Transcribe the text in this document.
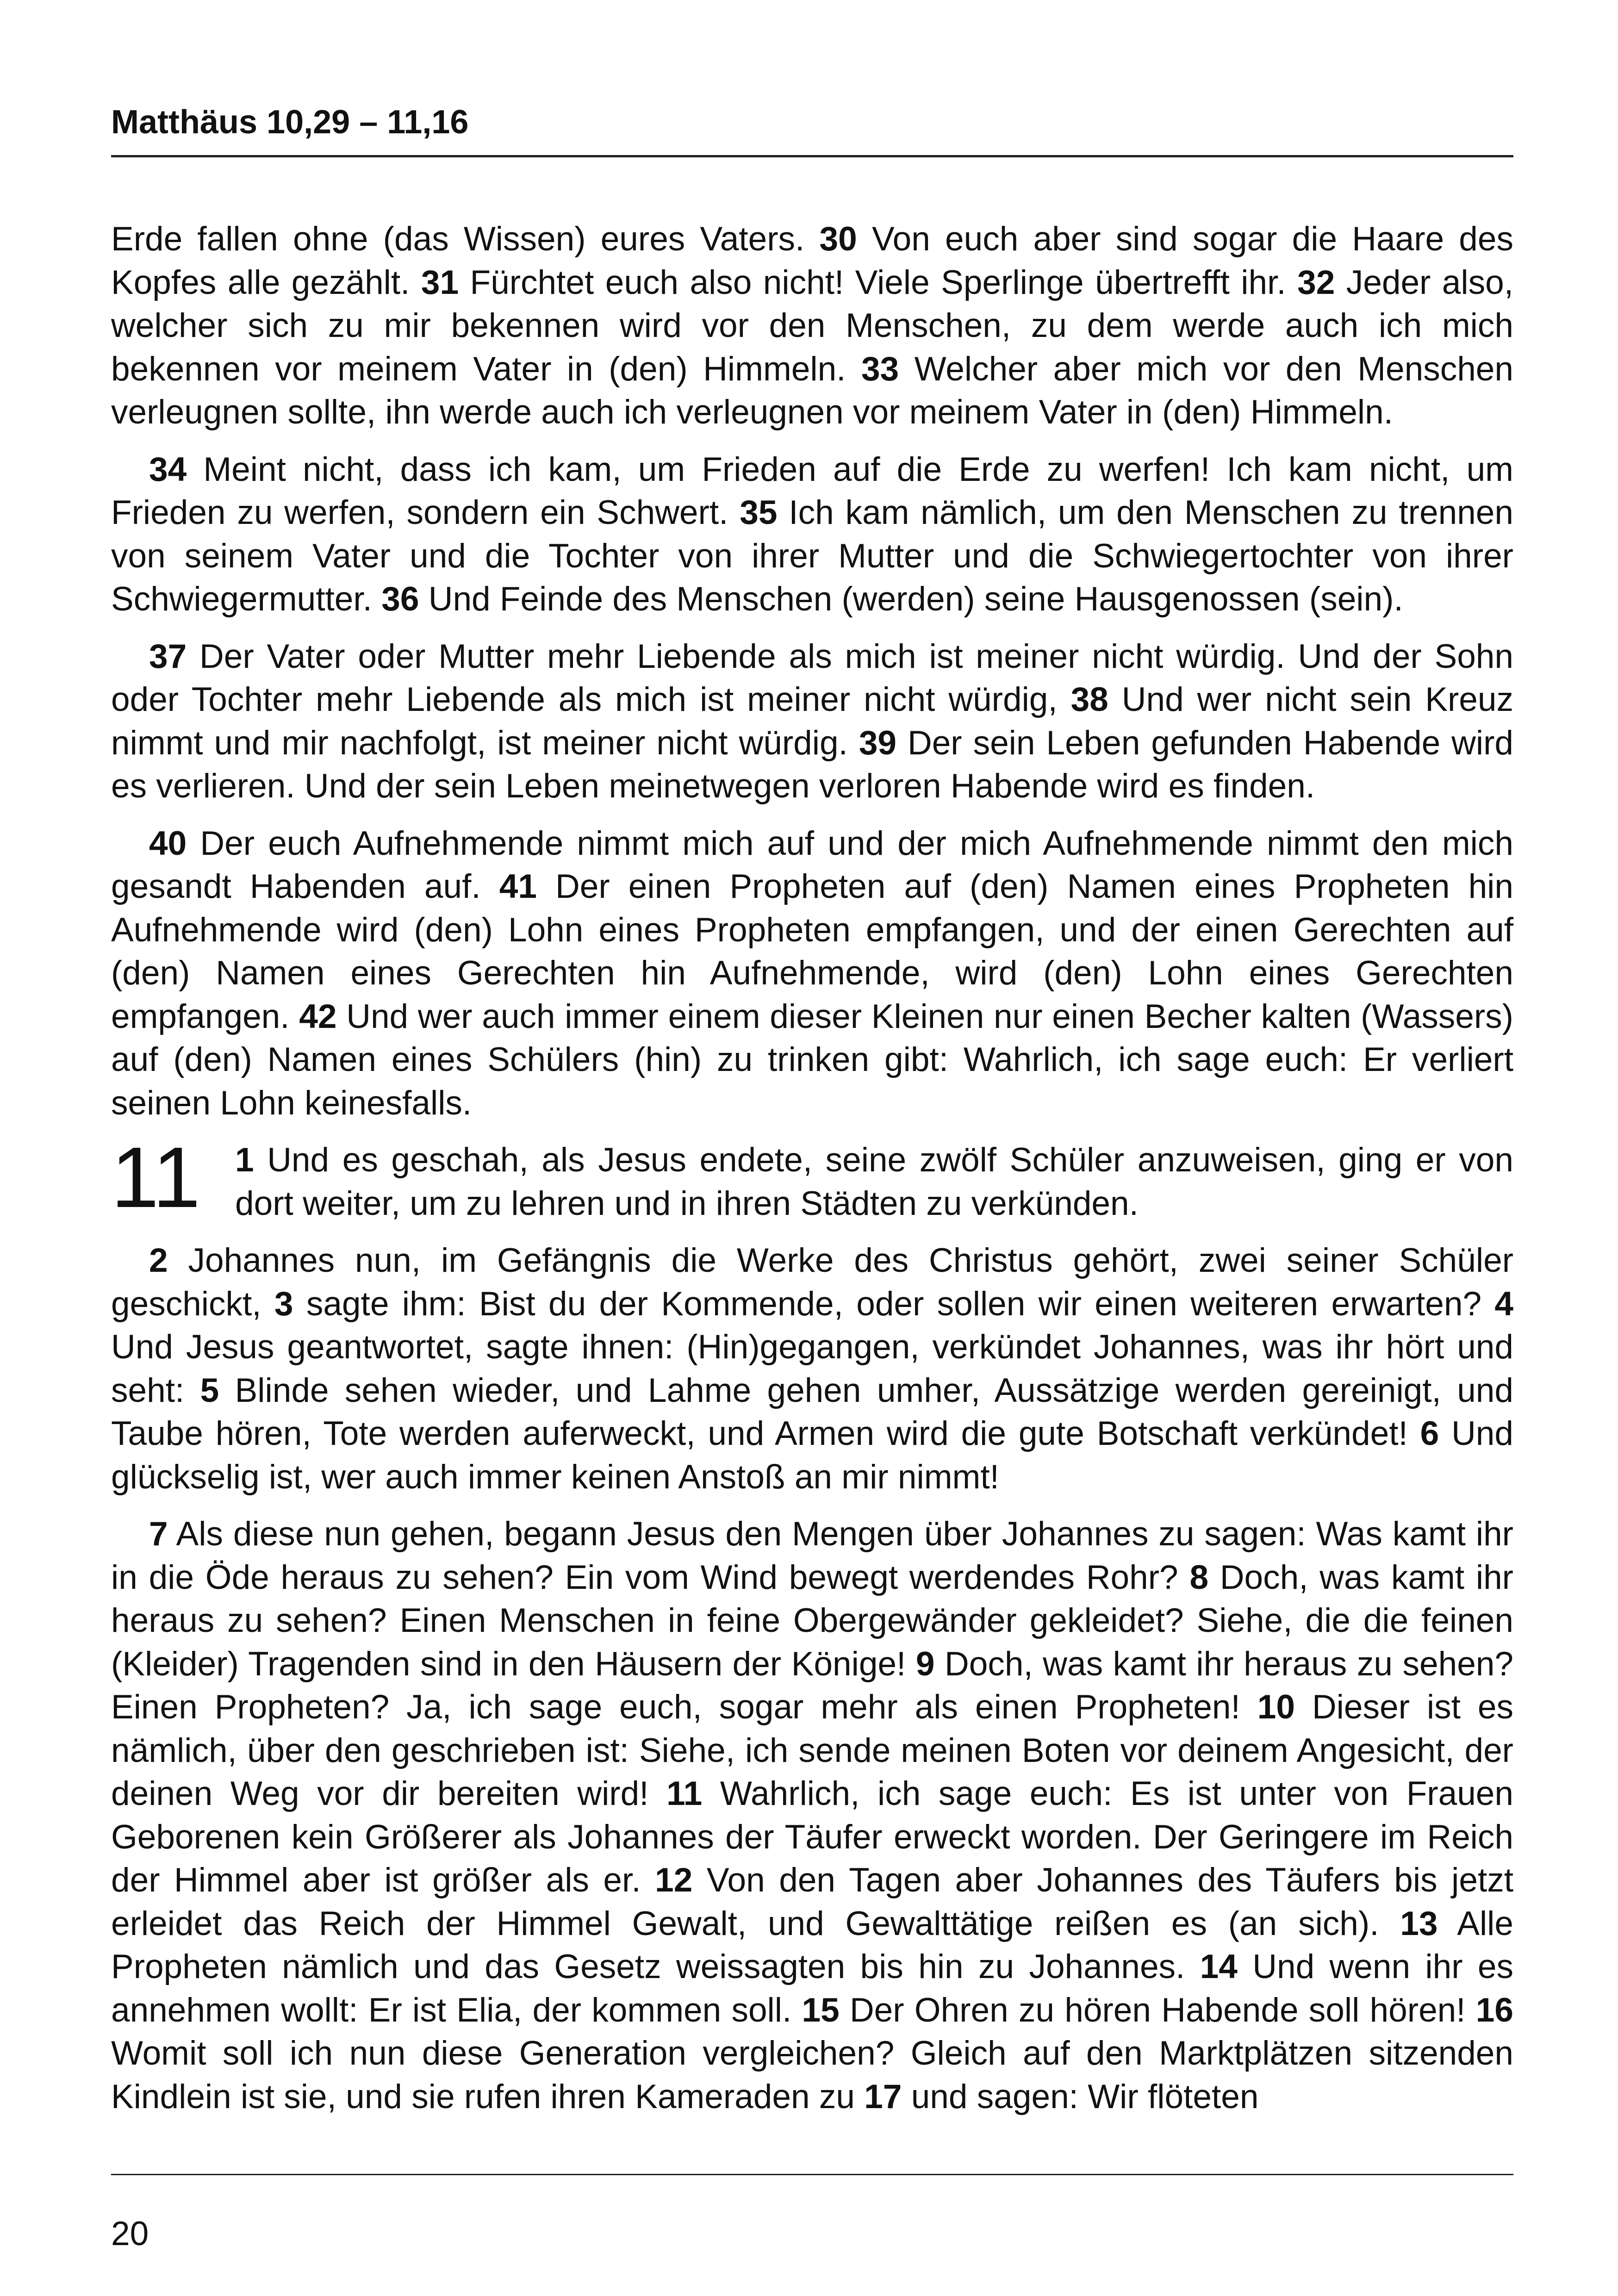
Matthäus 10,29 – 11,16

Erde fallen ohne (das Wissen) eures Vaters. 30 Von euch aber sind sogar die Haare des Kopfes alle gezählt. 31 Fürchtet euch also nicht! Viele Sperlinge übertrefft ihr. 32 Jeder also, welcher sich zu mir bekennen wird vor den Menschen, zu dem werde auch ich mich bekennen vor meinem Vater in (den) Himmeln. 33 Welcher aber mich vor den Menschen verleugnen sollte, ihn werde auch ich verleugnen vor meinem Vater in (den) Himmeln.

34 Meint nicht, dass ich kam, um Frieden auf die Erde zu werfen! Ich kam nicht, um Frieden zu werfen, sondern ein Schwert. 35 Ich kam nämlich, um den Menschen zu trennen von seinem Vater und die Tochter von ihrer Mutter und die Schwiegertochter von ihrer Schwiegermutter. 36 Und Feinde des Menschen (werden) seine Hausgenossen (sein).

37 Der Vater oder Mutter mehr Liebende als mich ist meiner nicht würdig. Und der Sohn oder Tochter mehr Liebende als mich ist meiner nicht würdig, 38 Und wer nicht sein Kreuz nimmt und mir nachfolgt, ist meiner nicht würdig. 39 Der sein Leben gefunden Habende wird es verlieren. Und der sein Leben meinetwegen verloren Habende wird es finden.

40 Der euch Aufnehmende nimmt mich auf und der mich Aufnehmende nimmt den mich gesandt Habenden auf. 41 Der einen Propheten auf (den) Namen eines Propheten hin Aufnehmende wird (den) Lohn eines Propheten empfangen, und der einen Gerechten auf (den) Namen eines Gerechten hin Aufnehmende, wird (den) Lohn eines Gerechten empfangen. 42 Und wer auch immer einem dieser Kleinen nur einen Becher kalten (Wassers) auf (den) Namen eines Schülers (hin) zu trinken gibt: Wahrlich, ich sage euch: Er verliert seinen Lohn keinesfalls.

11	1 Und es geschah, als Jesus endete, seine zwölf Schüler anzuweisen, ging er von dort weiter, um zu lehren und in ihren Städten zu verkünden.

2 Johannes nun, im Gefängnis die Werke des Christus gehört, zwei seiner Schüler geschickt, 3 sagte ihm: Bist du der Kommende, oder sollen wir einen weiteren erwarten? 4 Und Jesus geantwortet, sagte ihnen: (Hin)gegangen, verkündet Johannes, was ihr hört und seht: 5 Blinde sehen wieder, und Lahme gehen umher, Aussätzige werden gereinigt, und Taube hören, Tote werden auferweckt, und Armen wird die gute Botschaft verkündet! 6 Und glückselig ist, wer auch immer keinen Anstoß an mir nimmt!

7 Als diese nun gehen, begann Jesus den Mengen über Johannes zu sagen: Was kamt ihr in die Öde heraus zu sehen? Ein vom Wind bewegt werdendes Rohr? 8 Doch, was kamt ihr heraus zu sehen? Einen Menschen in feine Obergewänder gekleidet? Siehe, die die feinen (Kleider) Tragenden sind in den Häusern der Könige! 9 Doch, was kamt ihr heraus zu sehen? Einen Propheten? Ja, ich sage euch, sogar mehr als einen Propheten! 10 Dieser ist es nämlich, über den geschrieben ist: Siehe, ich sende meinen Boten vor deinem Angesicht, der deinen Weg vor dir bereiten wird! 11 Wahrlich, ich sage euch: Es ist unter von Frauen Geborenen kein Größerer als Johannes der Täufer erweckt worden. Der Geringere im Reich der Himmel aber ist größer als er. 12 Von den Tagen aber Johannes des Täufers bis jetzt erleidet das Reich der Himmel Gewalt, und Gewalttätige reißen es (an sich). 13 Alle Propheten nämlich und das Gesetz weissagten bis hin zu Johannes. 14 Und wenn ihr es annehmen wollt: Er ist Elia, der kommen soll. 15 Der Ohren zu hören Habende soll hören! 16 Womit soll ich nun diese Generation vergleichen? Gleich auf den Marktplätzen sitzenden Kindlein ist sie, und sie rufen ihren Kameraden zu 17 und sagen: Wir flöteten

20
